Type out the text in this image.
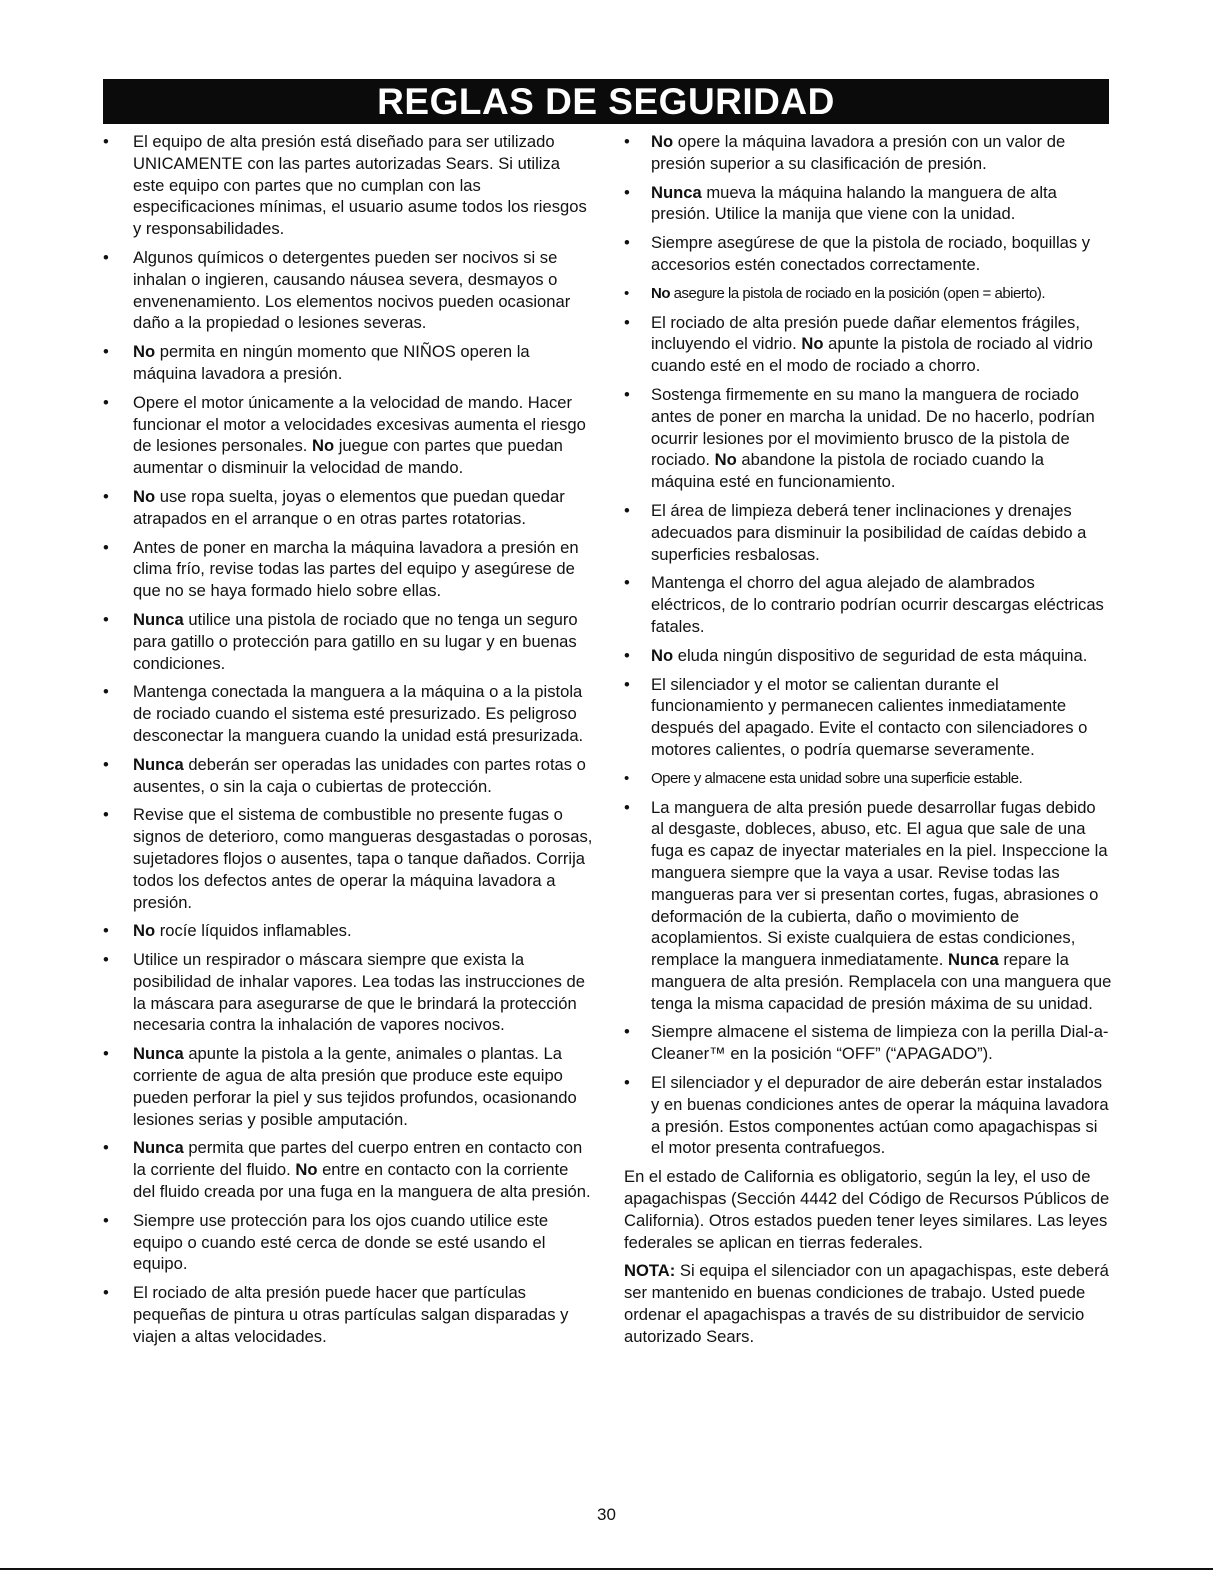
REGLAS DE SEGURIDAD
•	El equipo de alta presión está diseñado para ser utilizado UNICAMENTE con las partes autorizadas Sears. Si utiliza este equipo con partes que no cumplan con las especificaciones mínimas, el usuario asume todos los riesgos y responsabilidades.
•	Algunos químicos o detergentes pueden ser nocivos si se inhalan o ingieren, causando náusea severa, desmayos o envenenamiento. Los elementos nocivos pueden ocasionar daño a la propiedad o lesiones severas.
•	No permita en ningún momento que NIÑOS operen la máquina lavadora a presión.
•	Opere el motor únicamente a la velocidad de mando. Hacer funcionar el motor a velocidades excesivas aumenta el riesgo de lesiones personales. No juegue con partes que puedan aumentar o disminuir la velocidad de mando.
•	No use ropa suelta, joyas o elementos que puedan quedar atrapados en el arranque o en otras partes rotatorias.
•	Antes de poner en marcha la máquina lavadora a presión en clima frío, revise todas las partes del equipo y asegúrese de que no se haya formado hielo sobre ellas.
•	Nunca utilice una pistola de rociado que no tenga un seguro para gatillo o protección para gatillo en su lugar y en buenas condiciones.
•	Mantenga conectada la manguera a la máquina o a la pistola de rociado cuando el sistema esté presurizado. Es peligroso desconectar la manguera cuando la unidad está presurizada.
•	Nunca deberán ser operadas las unidades con partes rotas o ausentes, o sin la caja o cubiertas de protección.
•	Revise que el sistema de combustible no presente fugas o signos de deterioro, como mangueras desgastadas o porosas, sujetadores flojos o ausentes, tapa o tanque dañados. Corrija todos los defectos antes de operar la máquina lavadora a presión.
•	No rocíe líquidos inflamables.
•	Utilice un respirador o máscara siempre que exista la posibilidad de inhalar vapores. Lea todas las instrucciones de la máscara para asegurarse de que le brindará la protección necesaria contra la inhalación de vapores nocivos.
•	Nunca apunte la pistola a la gente, animales o plantas. La corriente de agua de alta presión que produce este equipo pueden perforar la piel y sus tejidos profundos, ocasionando lesiones serias y posible amputación.
•	Nunca permita que partes del cuerpo entren en contacto con la corriente del fluido. No entre en contacto con la corriente del fluido creada por una fuga en la manguera de alta presión.
•	Siempre use protección para los ojos cuando utilice este equipo o cuando esté cerca de donde se esté usando el equipo.
•	El rociado de alta presión puede hacer que partículas pequeñas de pintura u otras partículas salgan disparadas y viajen a altas velocidades.
•	No opere la máquina lavadora a presión con un valor de presión superior a su clasificación de presión.
•	Nunca mueva la máquina halando la manguera de alta presión. Utilice la manija que viene con la unidad.
•	Siempre asegúrese de que la pistola de rociado, boquillas y accesorios estén conectados correctamente.
•	No asegure la pistola de rociado en la posición (open = abierto).
•	El rociado de alta presión puede dañar elementos frágiles, incluyendo el vidrio. No apunte la pistola de rociado al vidrio cuando esté en el modo de rociado a chorro.
•	Sostenga firmemente en su mano la manguera de rociado antes de poner en marcha la unidad. De no hacerlo, podrían ocurrir lesiones por el movimiento brusco de la pistola de rociado. No abandone la pistola de rociado cuando la máquina esté en funcionamiento.
•	El área de limpieza deberá tener inclinaciones y drenajes adecuados para disminuir la posibilidad de caídas debido a superficies resbalosas.
•	Mantenga el chorro del agua alejado de alambrados eléctricos, de lo contrario podrían ocurrir descargas eléctricas fatales.
•	No eluda ningún dispositivo de seguridad de esta máquina.
•	El silenciador y el motor se calientan durante el funcionamiento y permanecen calientes inmediatamente después del apagado. Evite el contacto con silenciadores o motores calientes, o podría quemarse severamente.
•	Opere y almacene esta unidad sobre una superficie estable.
•	La manguera de alta presión puede desarrollar fugas debido al desgaste, dobleces, abuso, etc. El agua que sale de una fuga es capaz de inyectar materiales en la piel. Inspeccione la manguera siempre que la vaya a usar. Revise todas las mangueras para ver si presentan cortes, fugas, abrasiones o deformación de la cubierta, daño o movimiento de acoplamientos. Si existe cualquiera de estas condiciones, remplace la manguera inmediatamente. Nunca repare la manguera de alta presión. Remplacela con una manguera que tenga la misma capacidad de presión máxima de su unidad.
•	Siempre almacene el sistema de limpieza con la perilla Dial-a-Cleaner™ en la posición “OFF” (“APAGADO”).
•	El silenciador y el depurador de aire deberán estar instalados y en buenas condiciones antes de operar la máquina lavadora a presión. Estos componentes actúan como apagachispas si el motor presenta contrafuegos.

En el estado de California es obligatorio, según la ley, el uso de apagachispas (Sección 4442 del Código de Recursos Públicos de California). Otros estados pueden tener leyes similares. Las leyes federales se aplican en tierras federales.

NOTA: Si equipa el silenciador con un apagachispas, este deberá ser mantenido en buenas condiciones de trabajo. Usted puede ordenar el apagachispas a través de su distribuidor de servicio autorizado Sears.

30
